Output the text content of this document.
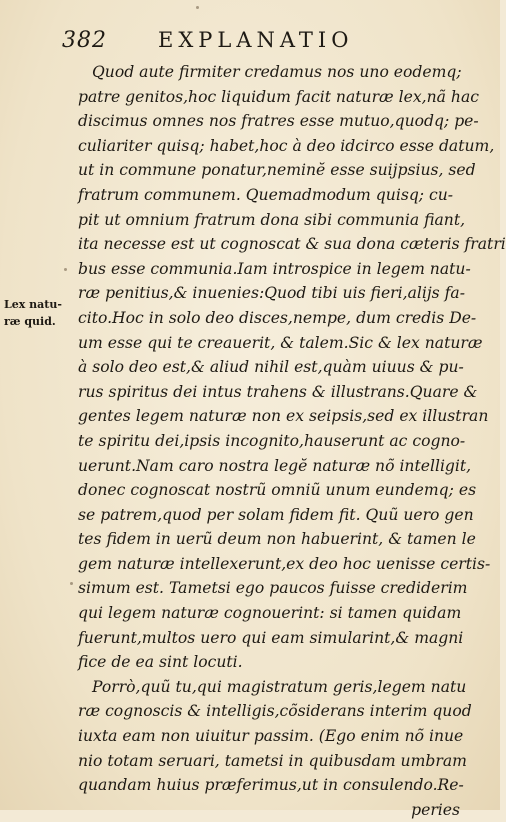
382 EXPLANATIO
Lex natu-
ræ quid.
Quod aute firmiter credamus nos uno eodemq;
patre genitos,hoc liquidum facit naturæ lex,nã hac
discimus omnes nos fratres esse mutuo,quodq; pe-
culiariter quisq; habet,hoc à deo idcirco esse datum,
ut in commune ponatur,neminĕ esse suijpsius, sed
fratrum communem. Quemadmodum quisq; cu-
pit ut omnium fratrum dona sibi communia fiant,
ita necesse est ut cognoscat & sua dona cæteris fratri
bus esse communia.Iam introspice in legem natu-
ræ penitius,& inuenies:Quod tibi uis fieri,alijs fa-
cito.Hoc in solo deo disces,nempe, dum credis De-
um esse qui te creauerit, & talem.Sic & lex naturæ
à solo deo est,& aliud nihil est,quàm uiuus & pu-
rus spiritus dei intus trahens & illustrans.Quare &
gentes legem naturæ non ex seipsis,sed ex illustran
te spiritu dei,ipsis incognito,hauserunt ac cogno-
uerunt.Nam caro nostra legĕ naturæ nõ intelligit,
donec cognoscat nostrũ omniũ unum eundemq; es
se patrem,quod per solam fidem fit. Quũ uero gen
tes fidem in uerũ deum non habuerint, & tamen le
gem naturæ intellexerunt,ex deo hoc uenisse certis-
simum est. Tametsi ego paucos fuisse crediderim
qui legem naturæ cognouerint: si tamen quidam
fuerunt,multos uero qui eam simularint,& magni
fice de ea sint locuti.
Porrò,quũ tu,qui magistratum geris,legem natu
ræ cognoscis & intelligis,cõsiderans interim quod
iuxta eam non uiuitur passim. (Ego enim nõ inue
nio totam seruari, tametsi in quibusdam umbram
quandam huius præferimus,ut in consulendo.Re-
peries
